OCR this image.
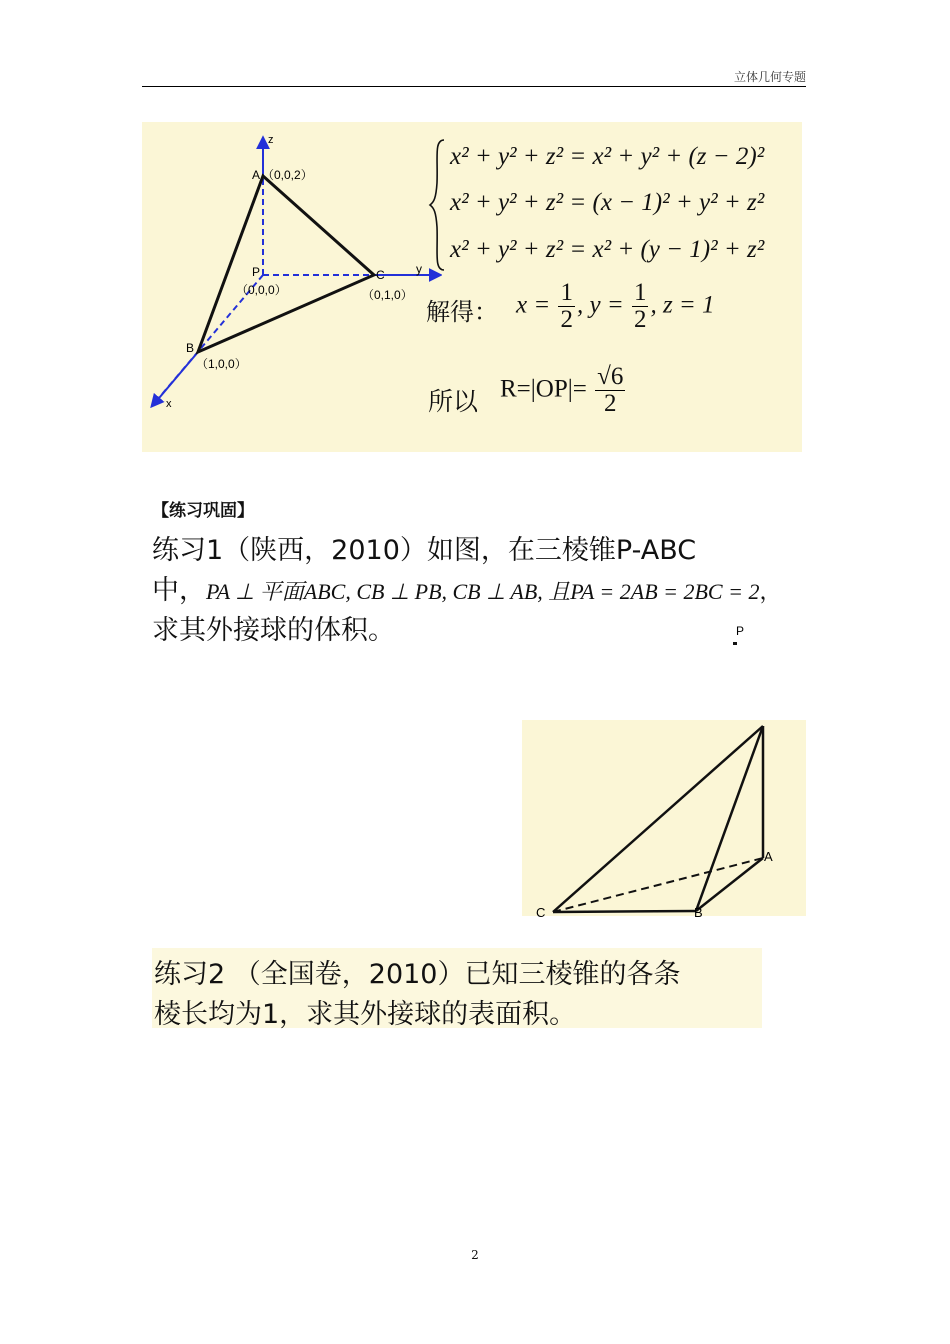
立体几何专题
z
y
x
A （0,0,2）
P
（0,0,0）
C
（0,1,0）
B
（1,0,0）
x² + y² + z² = x² + y² + (z − 2)²
x² + y² + z² = (x − 1)² + y² + z²
x² + y² + z² = x² + (y − 1)² + z²
解得： $x = \frac{1}{2}$ , $y = \frac{1}{2}$ , z = 1
所以 $R=|OP|= \frac{√6}{2}$
【练习巩固】
练习1（陕西，2010）如图，在三棱锥P-ABC
中，PA ⊥ 平面ABC, CB ⊥ PB, CB ⊥ AB, 且PA = 2AB = 2BC = 2，
求其外接球的体积。	P
C	B
A
练习2 （全国卷，2010）已知三棱锥的各条
棱长均为1，求其外接球的表面积。
2
